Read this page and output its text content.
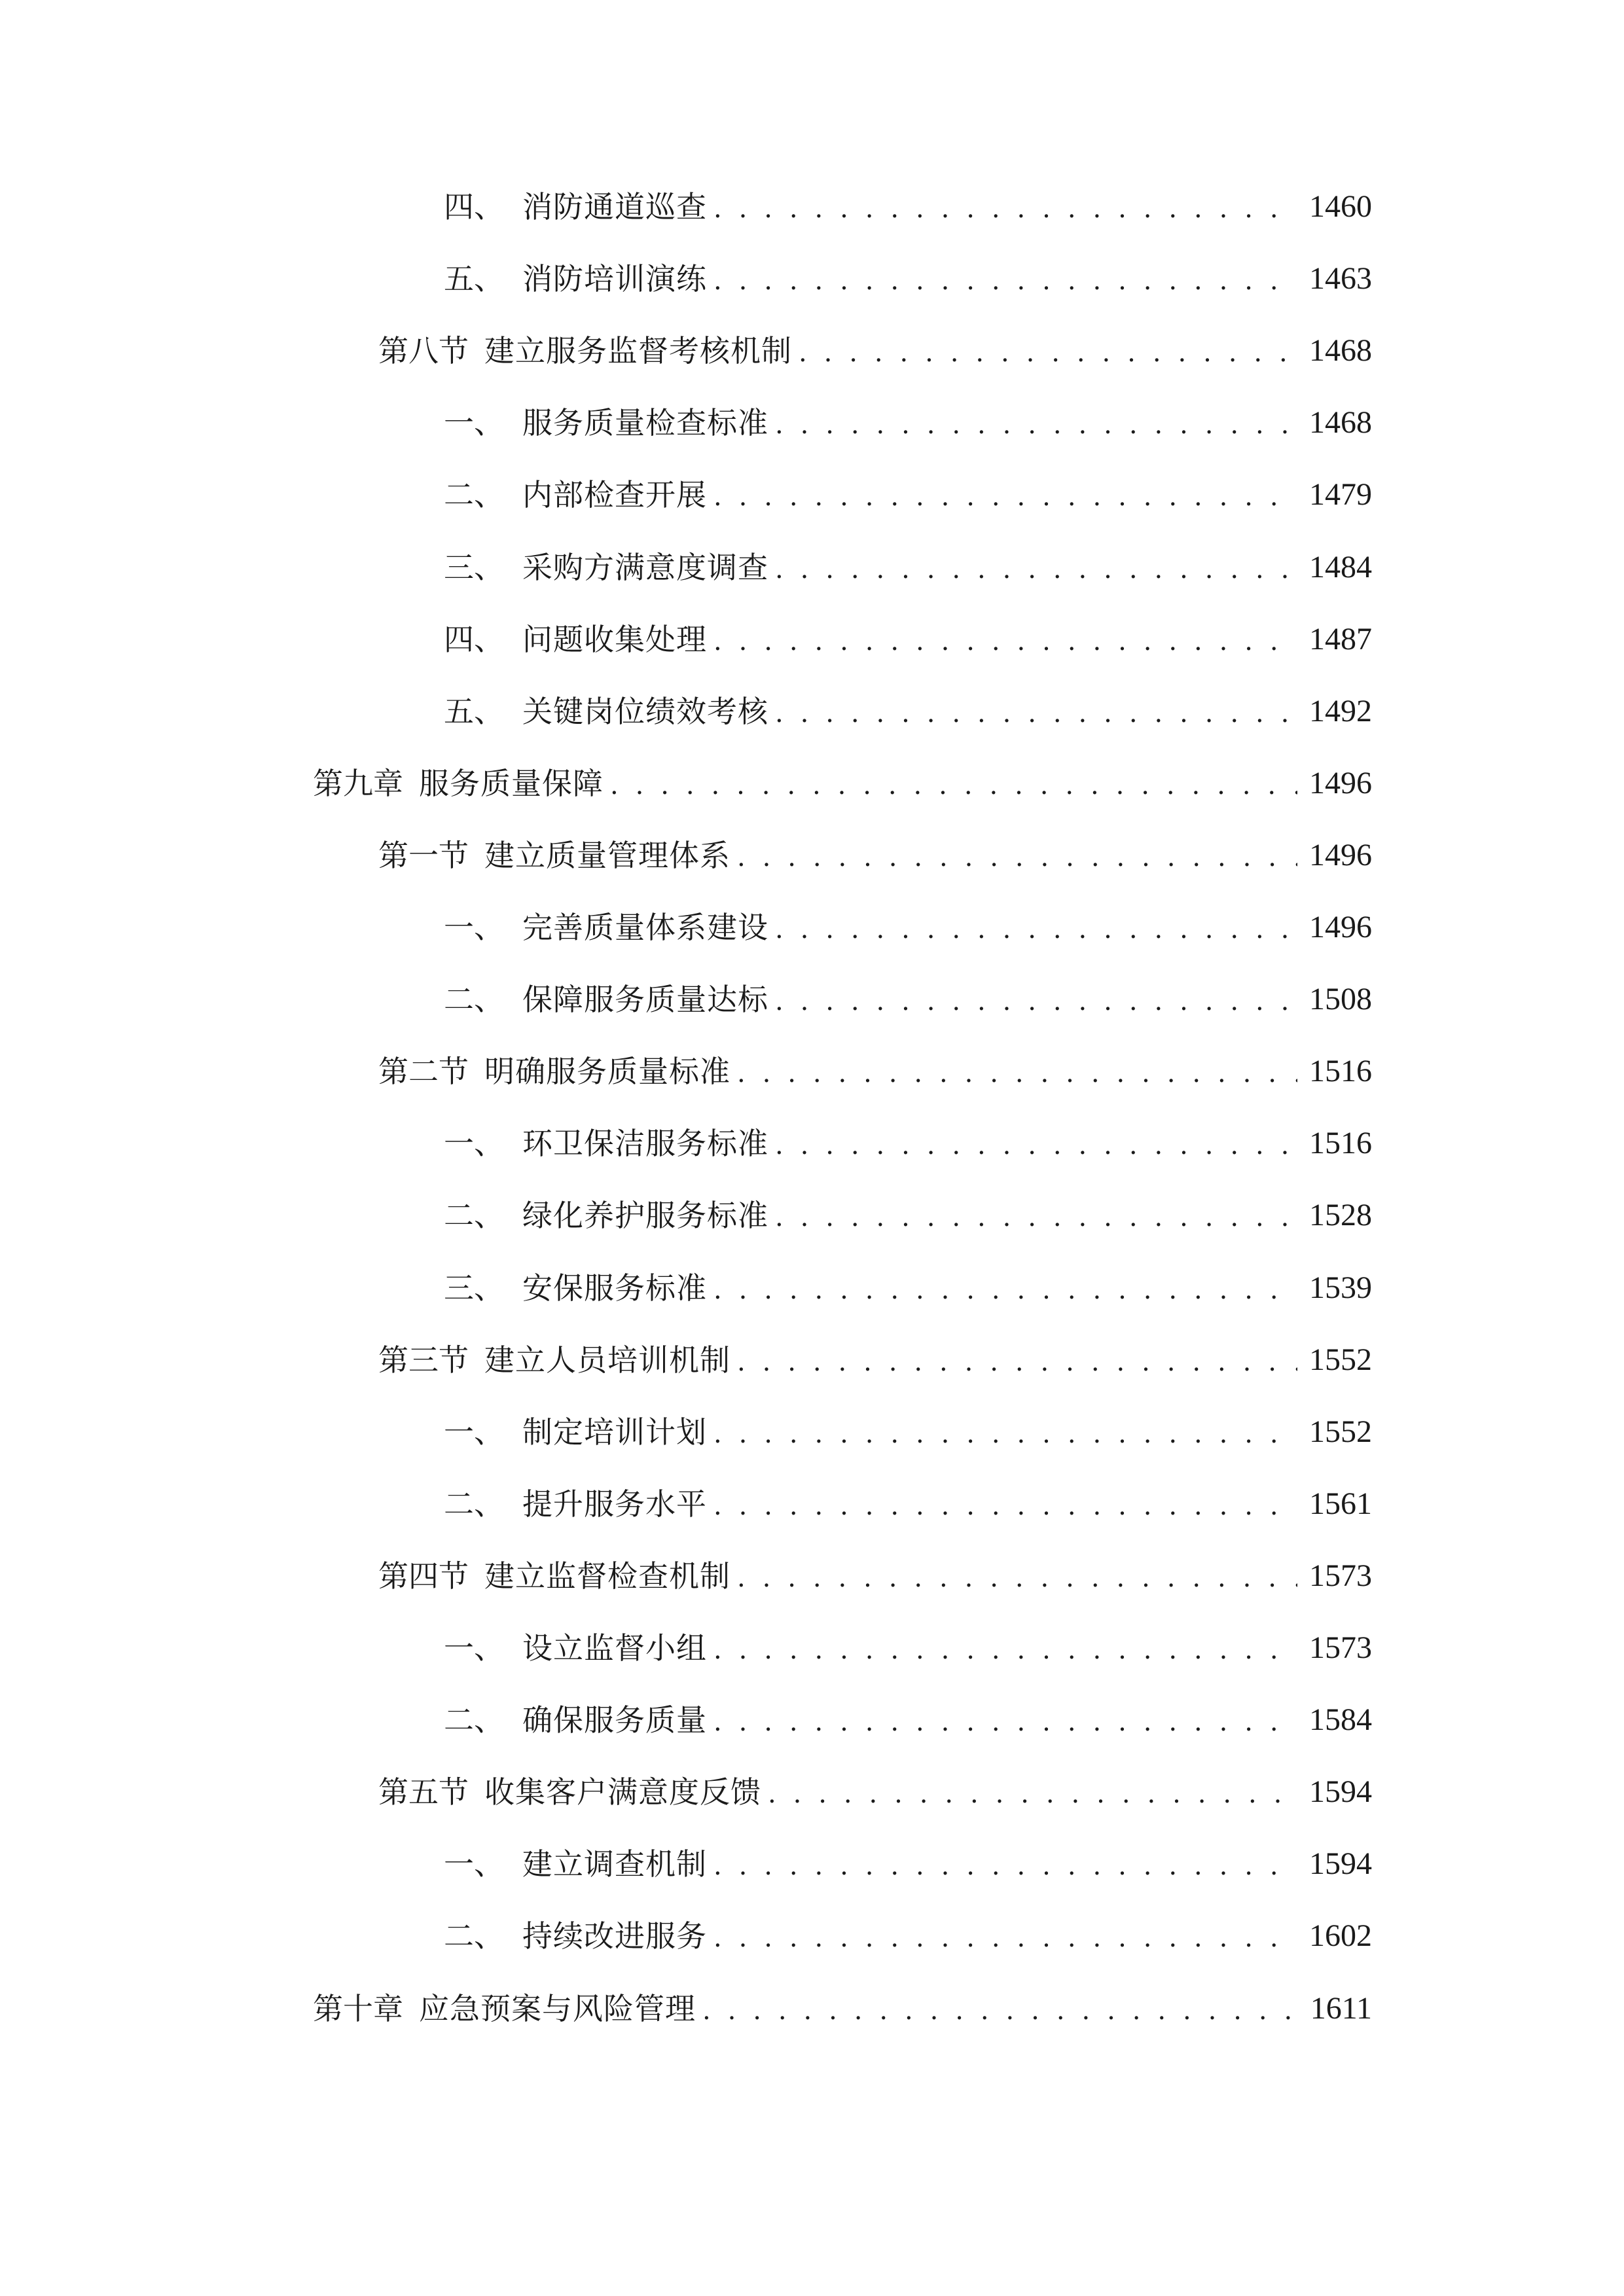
四、 消防通道巡查 . . .	1460
五、 消防培训演练 . . .	1463
第八节 建立服务监督考核机制 . . .	1468
一、 服务质量检查标准 . . .	1468
二、 内部检查开展 . . .	1479
三、 采购方满意度调查 . . .	1484
四、 问题收集处理 . . .	1487
五、 关键岗位绩效考核 . . .	1492
第九章 服务质量保障 . . .	1496
第一节 建立质量管理体系 . . .	1496
一、 完善质量体系建设 . . .	1496
二、 保障服务质量达标 . . .	1508
第二节 明确服务质量标准 . . .	1516
一、 环卫保洁服务标准 . . .	1516
二、 绿化养护服务标准 . . .	1528
三、 安保服务标准 . . .	1539
第三节 建立人员培训机制 . . .	1552
一、 制定培训计划 . . .	1552
二、 提升服务水平 . . .	1561
第四节 建立监督检查机制 . . .	1573
一、 设立监督小组 . . .	1573
二、 确保服务质量 . . .	1584
第五节 收集客户满意度反馈 . . .	1594
一、 建立调查机制 . . .	1594
二、 持续改进服务 . . .	1602
第十章 应急预案与风险管理 . . .	1611
